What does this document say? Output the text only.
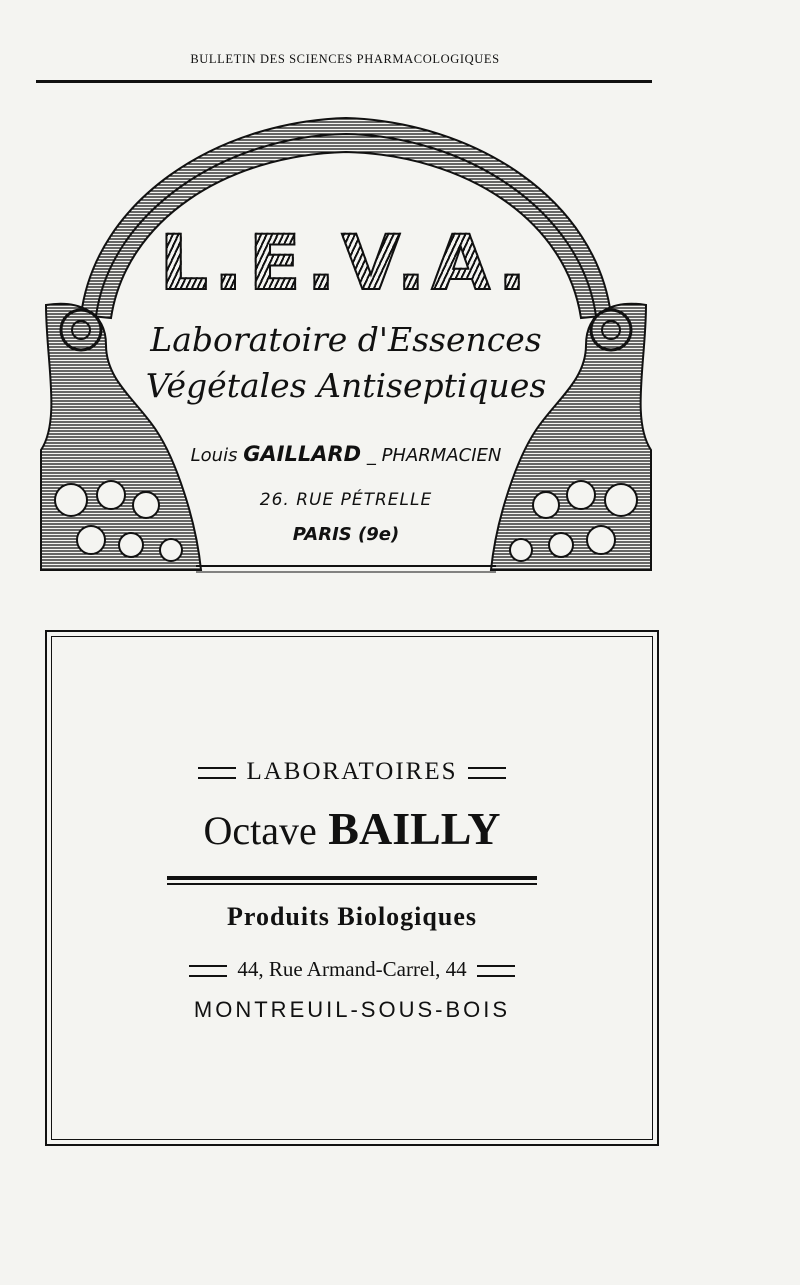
BULLETIN DES SCIENCES PHARMACOLOGIQUES
L.E.V.A.
Laboratoire d'Essences
Végétales Antiseptiques
Louis GAILLARD _ PHARMACIEN
26. RUE PÉTRELLE
PARIS (9e)
LABORATOIRES
Octave BAILLY
Produits Biologiques
44, Rue Armand-Carrel, 44
MONTREUIL-SOUS-BOIS
